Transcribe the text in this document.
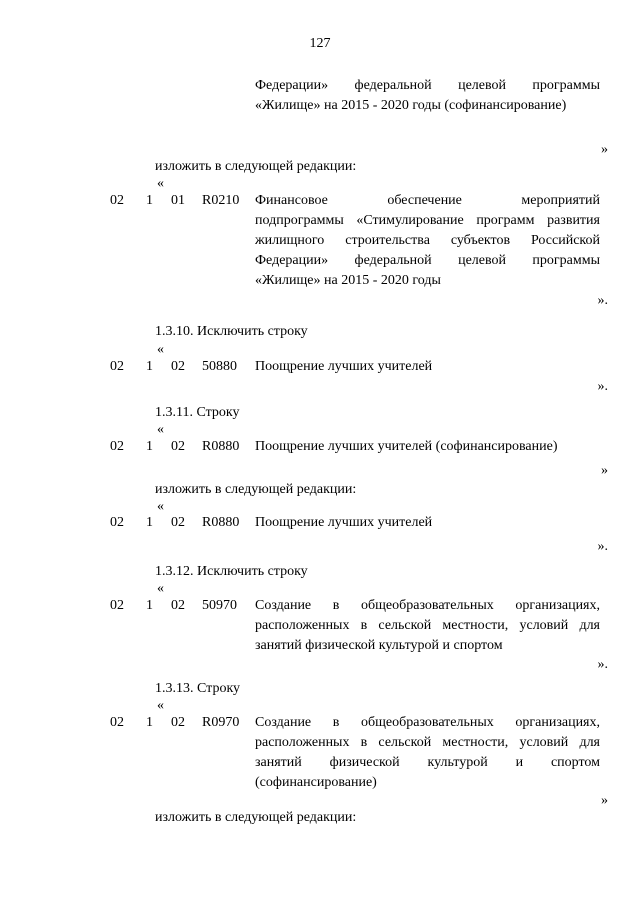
127
Федерации» федеральной целевой программы
«Жилище» на 2015 - 2020 годы (софинансирование)
»
изложить в следующей редакции:
«
02 1 01 R0210 Финансовое обеспечение мероприятий
подпрограммы «Стимулирование программ развития
жилищного строительства субъектов Российской
Федерации» федеральной целевой программы
«Жилище» на 2015 - 2020 годы
».
1.3.10. Исключить строку
«
02 1 02 50880 Поощрение лучших учителей
».
1.3.11. Строку
«
02 1 02 R0880 Поощрение лучших учителей (софинансирование)
»
изложить в следующей редакции:
«
02 1 02 R0880 Поощрение лучших учителей
».
1.3.12. Исключить строку
«
02 1 02 50970 Создание в общеобразовательных организациях,
расположенных в сельской местности, условий для
занятий физической культурой и спортом
».
1.3.13. Строку
«
02 1 02 R0970 Создание в общеобразовательных организациях,
расположенных в сельской местности, условий для
занятий физической культурой и спортом
(софинансирование)
»
изложить в следующей редакции:
